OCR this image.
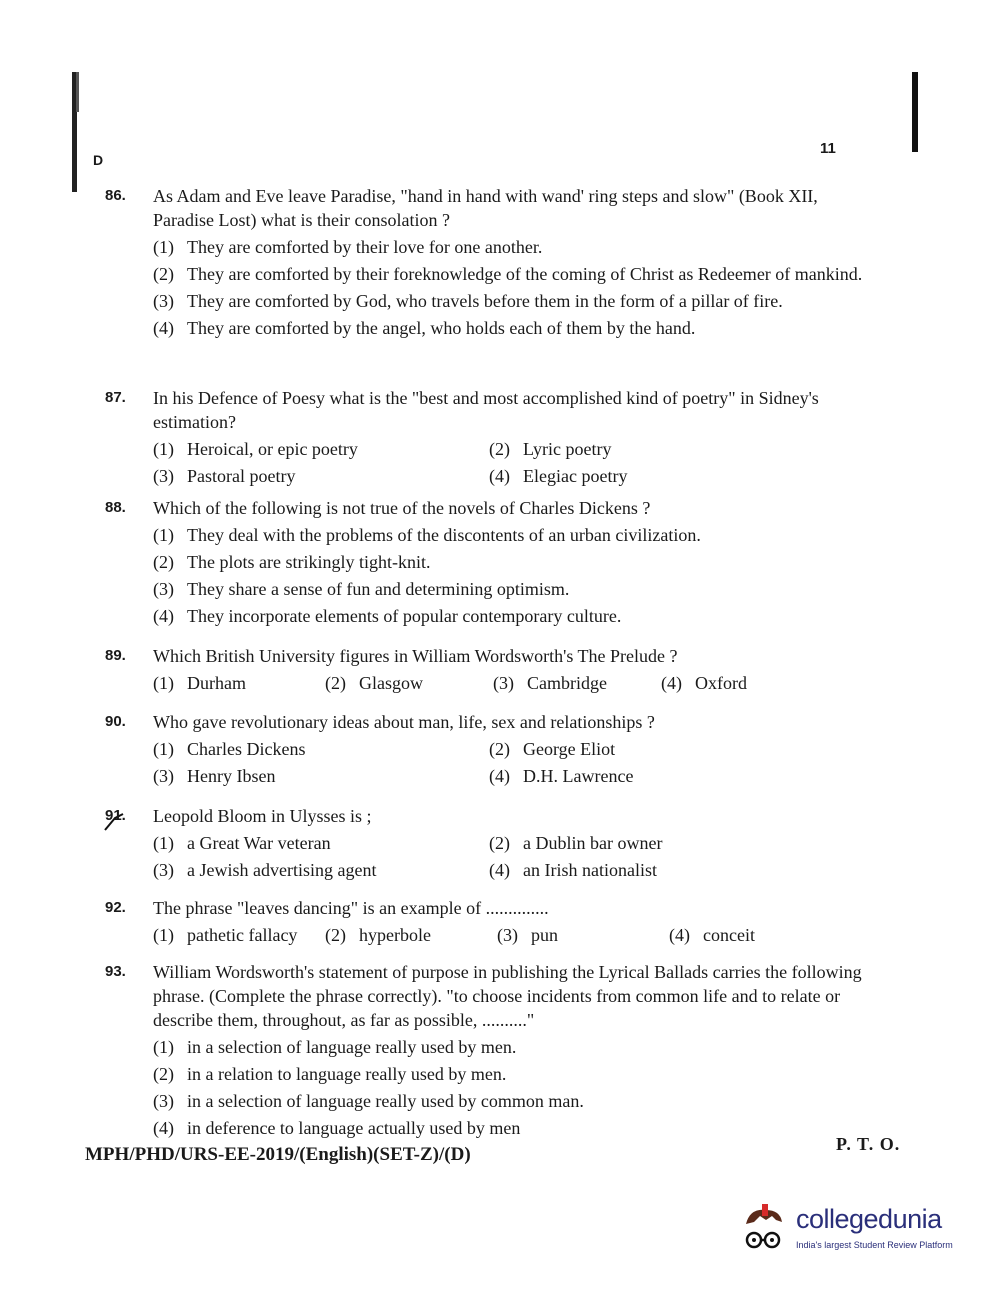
D
11
86.	As Adam and Eve leave Paradise, "hand in hand with wand' ring steps and slow" (Book XII, Paradise Lost) what is their consolation ?
(1) They are comforted by their love for one another.
(2) They are comforted by their foreknowledge of the coming of Christ as Redeemer of mankind.
(3) They are comforted by God, who travels before them in the form of a pillar of fire.
(4) They are comforted by the angel, who holds each of them by the hand.
87.	In his Defence of Poesy what is the "best and most accomplished kind of poetry" in Sidney's estimation?
(1) Heroical, or epic poetry	(2) Lyric poetry
(3) Pastoral poetry	(4) Elegiac poetry
88.	Which of the following is not true of the novels of Charles Dickens ?
(1) They deal with the problems of the discontents of an urban civilization.
(2) The plots are strikingly tight-knit.
(3) They share a sense of fun and determining optimism.
(4) They incorporate elements of popular contemporary culture.
89.	Which British University figures in William Wordsworth's The Prelude ?
(1) Durham	(2) Glasgow	(3) Cambridge	(4) Oxford
90.	Who gave revolutionary ideas about man, life, sex and relationships ?
(1) Charles Dickens	(2) George Eliot
(3) Henry Ibsen	(4) D.H. Lawrence
91.	Leopold Bloom in Ulysses is ;
(1) a Great War veteran	(2) a Dublin bar owner
(3) a Jewish advertising agent	(4) an Irish nationalist
92.	The phrase "leaves dancing" is an example of ..............
(1) pathetic fallacy	(2) hyperbole	(3) pun	(4) conceit
93.	William Wordsworth's statement of purpose in publishing the Lyrical Ballads carries the following phrase. (Complete the phrase correctly). "to choose incidents from common life and to relate or describe them, throughout, as far as possible, .........."
(1) in a selection of language really used by men.
(2) in a relation to language really used by men.
(3) in a selection of language really used by common man.
(4) in deference to language actually used by men
MPH/PHD/URS-EE-2019/(English)(SET-Z)/(D)	P. T. O.
collegedunia
India's largest Student Review Platform
